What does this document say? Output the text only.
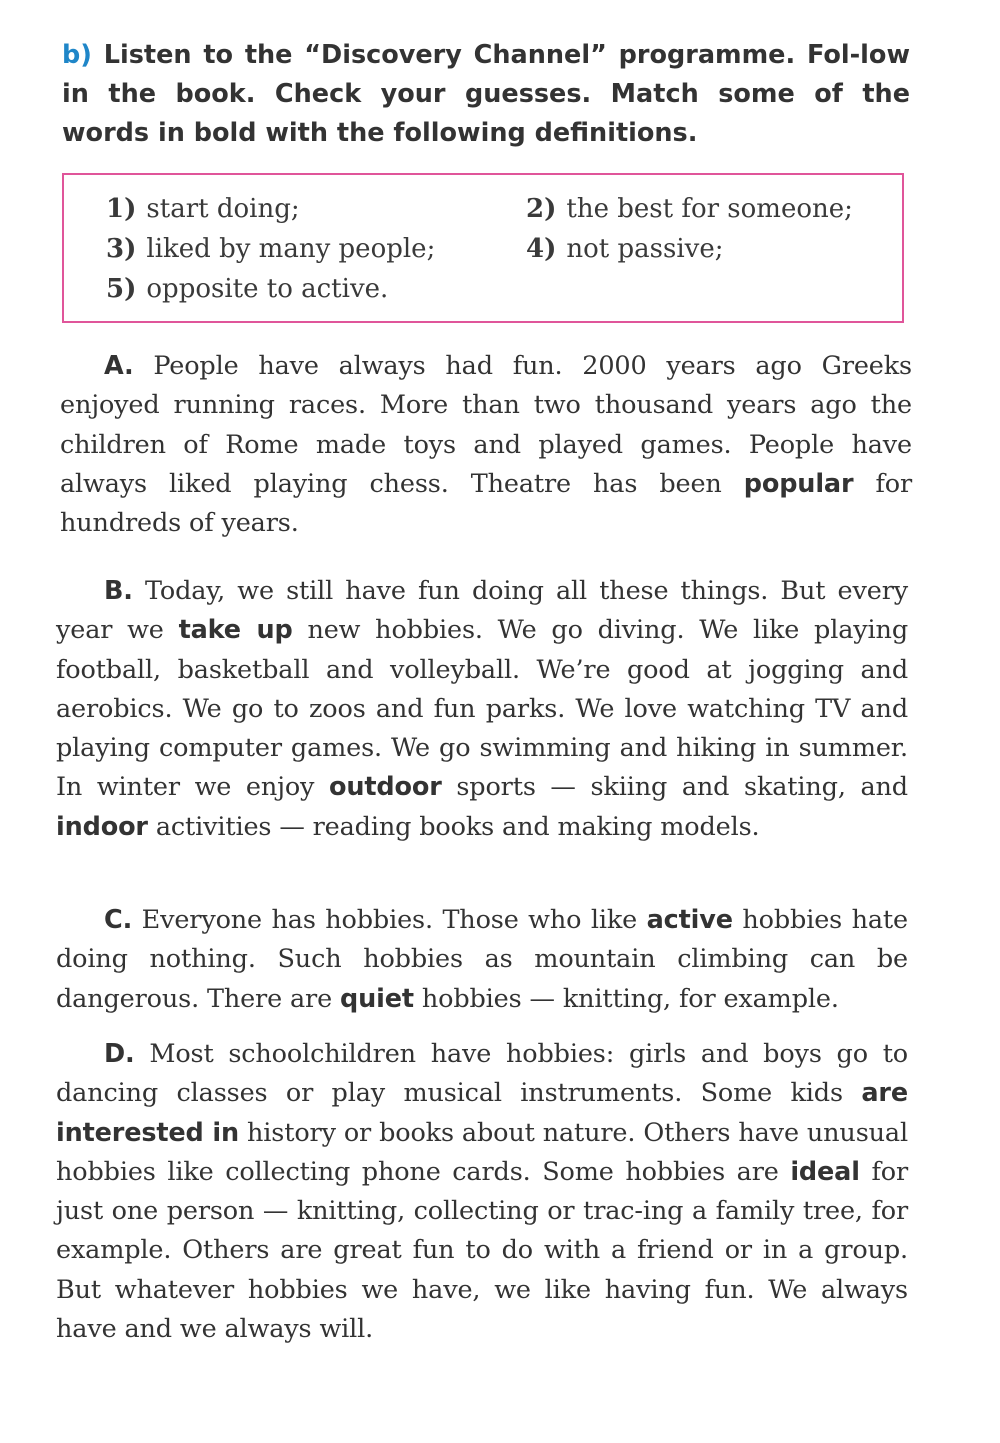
b) Listen to the “Discovery Channel” programme. Fol-low in the book. Check your guesses. Match some of the words in bold with the following definitions.
1) start doing;	2) the best for someone;
3) liked by many people;	4) not passive;
5) opposite to active.
A. People have always had fun. 2000 years ago Greeks enjoyed running races. More than two thousand years ago the children of Rome made toys and played games. People have always liked playing chess. Theatre has been popular for hundreds of years.
B. Today, we still have fun doing all these things. But every year we take up new hobbies. We go diving. We like playing football, basketball and volleyball. We’re good at jogging and aerobics. We go to zoos and fun parks. We love watching TV and playing computer games. We go swimming and hiking in summer. In winter we enjoy outdoor sports — skiing and skating, and indoor activities — reading books and making models.
C. Everyone has hobbies. Those who like active hobbies hate doing nothing. Such hobbies as mountain climbing can be dangerous. There are quiet hobbies — knitting, for example.
D. Most schoolchildren have hobbies: girls and boys go to dancing classes or play musical instruments. Some kids are interested in history or books about nature. Others have unusual hobbies like collecting phone cards. Some hobbies are ideal for just one person — knitting, collecting or trac-ing a family tree, for example. Others are great fun to do with a friend or in a group. But whatever hobbies we have, we like having fun. We always have and we always will.
